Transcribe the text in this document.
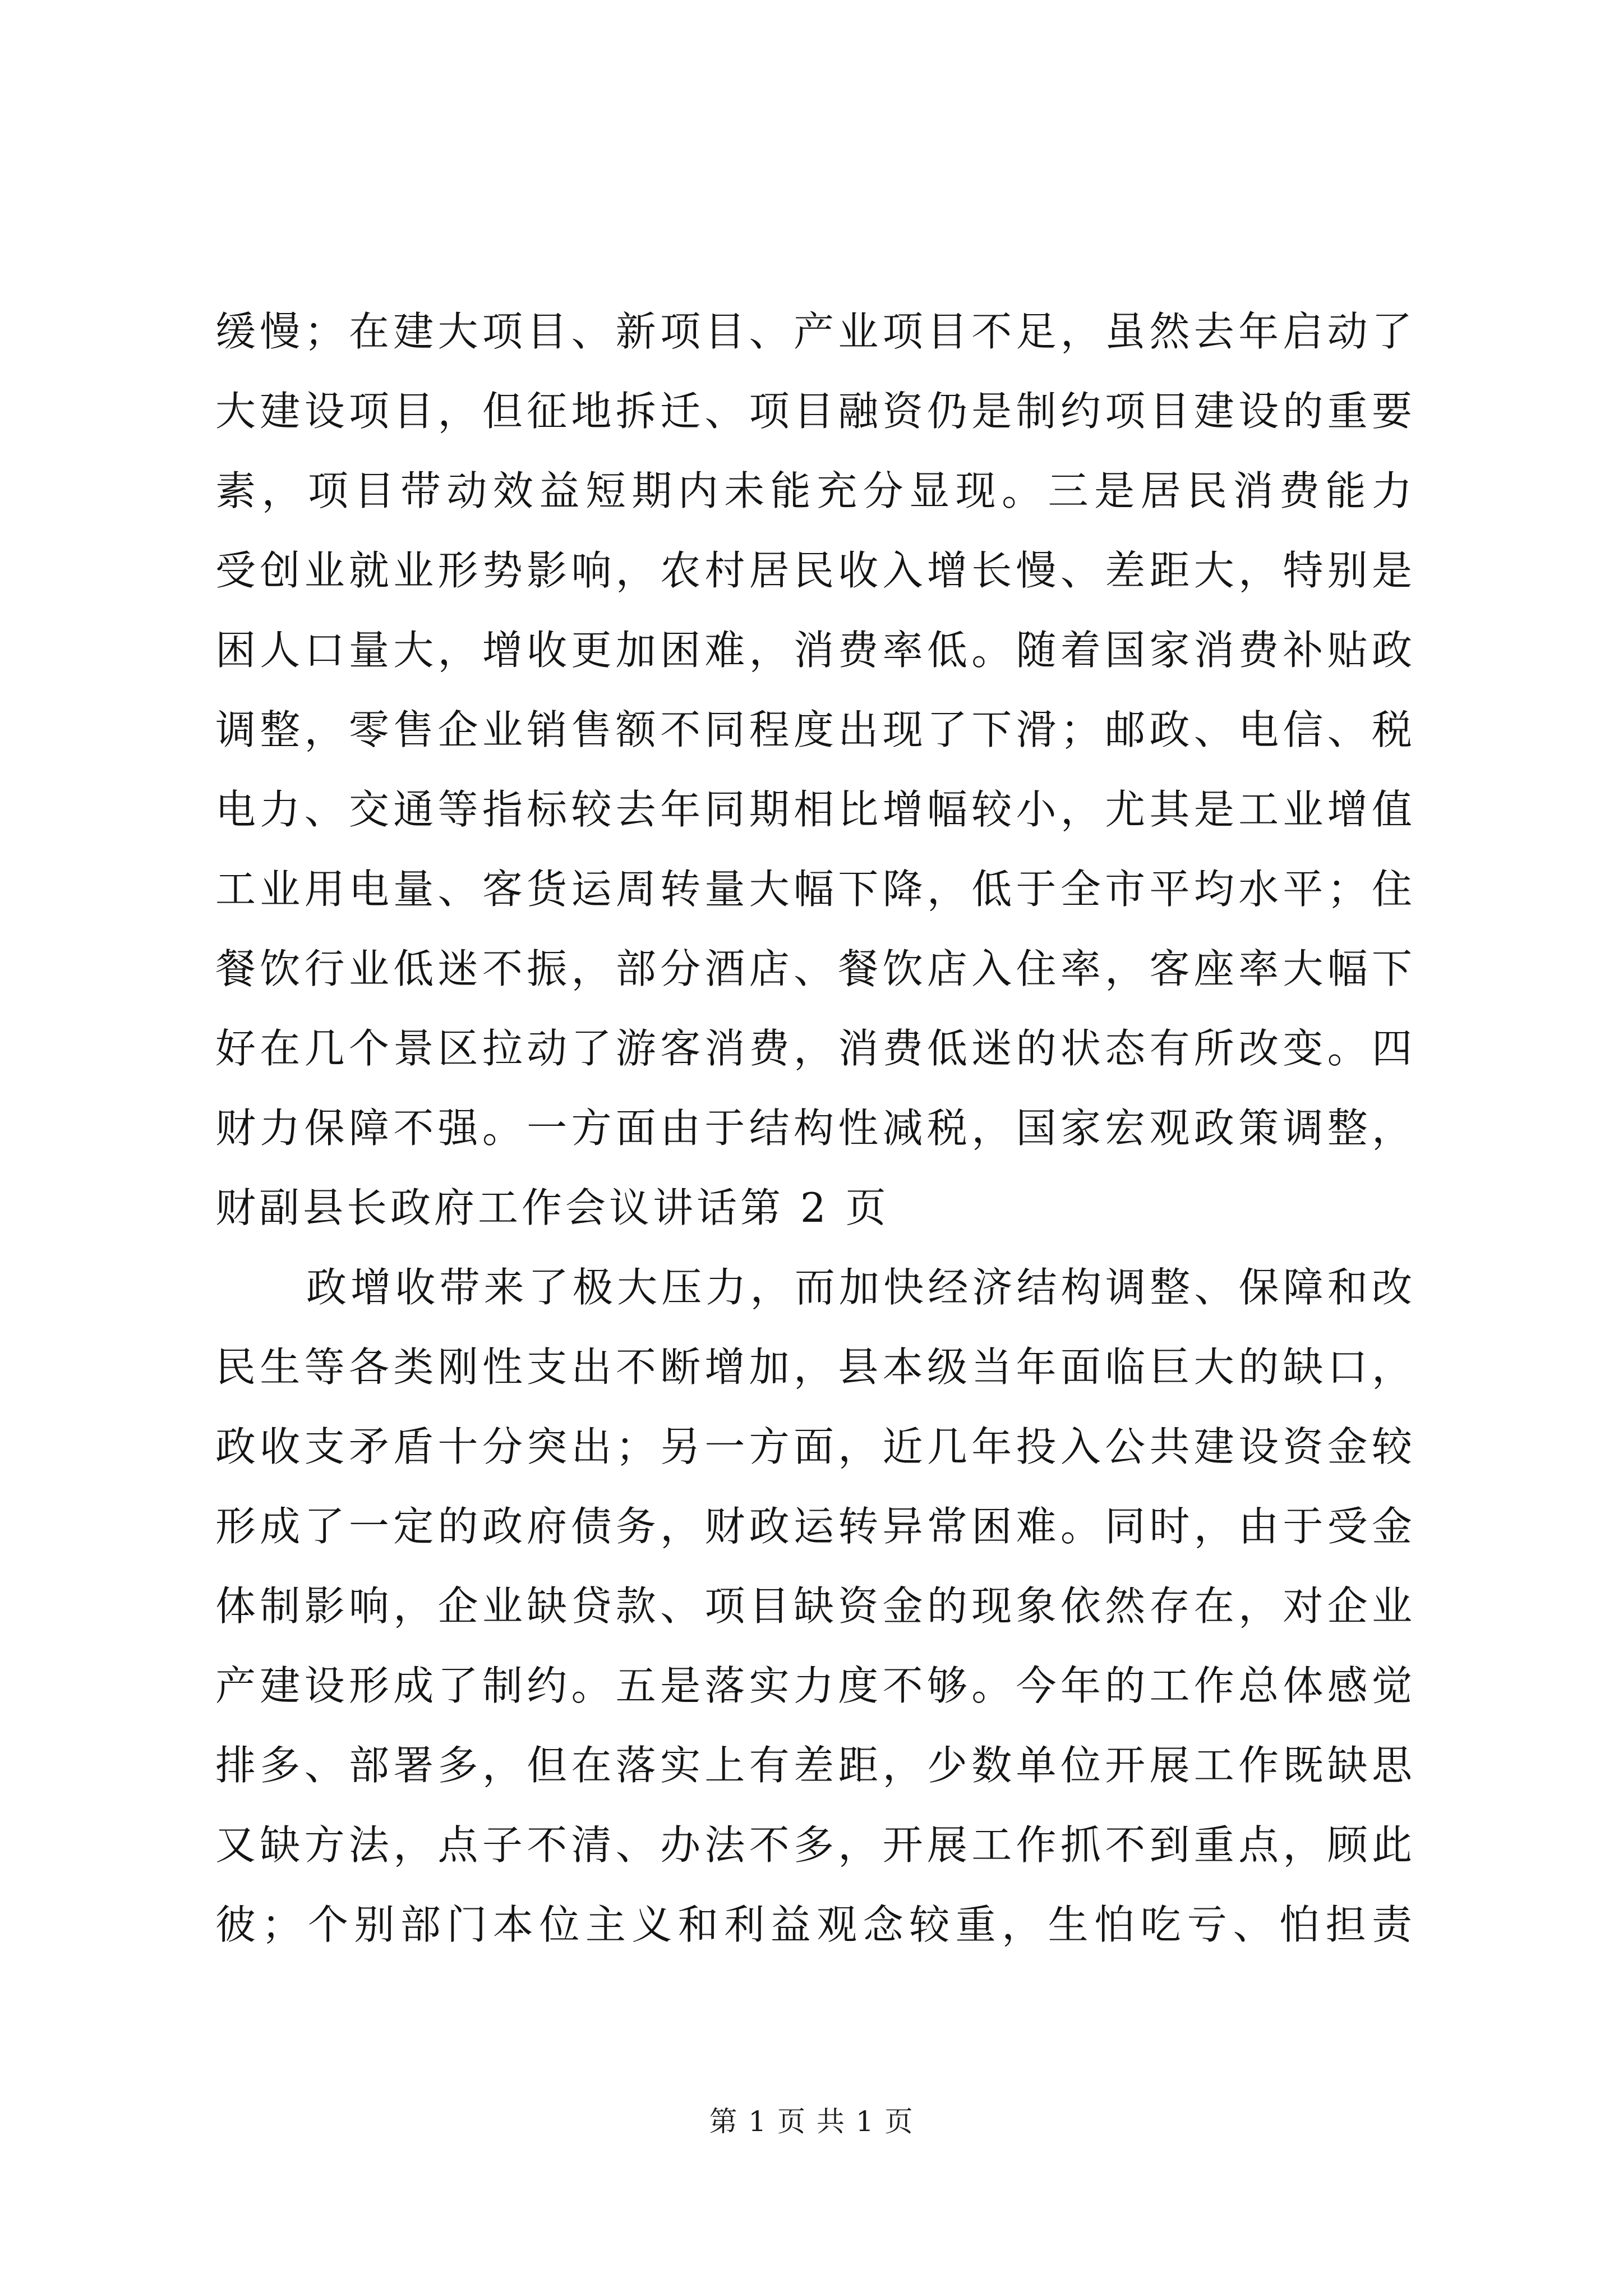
缓慢；在建大项目、新项目、产业项目不足，虽然去年启动了
大建设项目，但征地拆迁、项目融资仍是制约项目建设的重要
素，项目带动效益短期内未能充分显现。三是居民消费能力
受创业就业形势影响，农村居民收入增长慢、差距大，特别是
困人口量大，增收更加困难，消费率低。随着国家消费补贴政
调整，零售企业销售额不同程度出现了下滑；邮政、电信、税
电力、交通等指标较去年同期相比增幅较小，尤其是工业增值
工业用电量、客货运周转量大幅下降，低于全市平均水平；住
餐饮行业低迷不振，部分酒店、餐饮店入住率，客座率大幅下
好在几个景区拉动了游客消费，消费低迷的状态有所改变。四
财力保障不强。一方面由于结构性减税，国家宏观政策调整，
财副县长政府工作会议讲话第 2 页
政增收带来了极大压力，而加快经济结构调整、保障和改
民生等各类刚性支出不断增加，县本级当年面临巨大的缺口，
政收支矛盾十分突出；另一方面，近几年投入公共建设资金较
形成了一定的政府债务，财政运转异常困难。同时，由于受金
体制影响，企业缺贷款、项目缺资金的现象依然存在，对企业
产建设形成了制约。五是落实力度不够。今年的工作总体感觉
排多、部署多，但在落实上有差距，少数单位开展工作既缺思
又缺方法，点子不清、办法不多，开展工作抓不到重点，顾此
彼；个别部门本位主义和利益观念较重，生怕吃亏、怕担责
第 1 页 共 1 页
